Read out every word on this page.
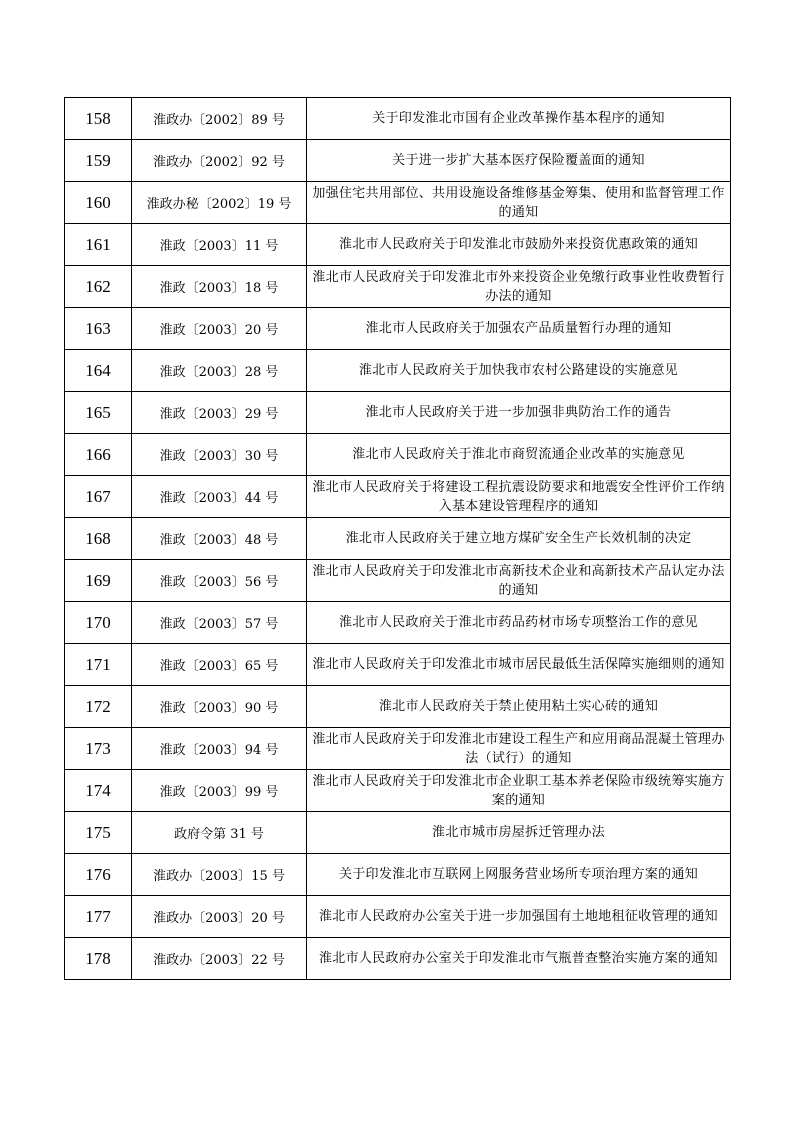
158	淮政办〔2002〕89 号	关于印发淮北市国有企业改革操作基本程序的通知
159	淮政办〔2002〕92 号	关于进一步扩大基本医疗保险覆盖面的通知
160	淮政办秘〔2002〕19 号	加强住宅共用部位、共用设施设备维修基金筹集、使用和监督管理工作的通知
161	淮政〔2003〕11 号	淮北市人民政府关于印发淮北市鼓励外来投资优惠政策的通知
162	淮政〔2003〕18 号	淮北市人民政府关于印发淮北市外来投资企业免缴行政事业性收费暂行办法的通知
163	淮政〔2003〕20 号	淮北市人民政府关于加强农产品质量暂行办理的通知
164	淮政〔2003〕28 号	淮北市人民政府关于加快我市农村公路建设的实施意见
165	淮政〔2003〕29 号	淮北市人民政府关于进一步加强非典防治工作的通告
166	淮政〔2003〕30 号	淮北市人民政府关于淮北市商贸流通企业改革的实施意见
167	淮政〔2003〕44 号	淮北市人民政府关于将建设工程抗震设防要求和地震安全性评价工作纳入基本建设管理程序的通知
168	淮政〔2003〕48 号	淮北市人民政府关于建立地方煤矿安全生产长效机制的决定
169	淮政〔2003〕56 号	淮北市人民政府关于印发淮北市高新技术企业和高新技术产品认定办法的通知
170	淮政〔2003〕57 号	淮北市人民政府关于淮北市药品药材市场专项整治工作的意见
171	淮政〔2003〕65 号	淮北市人民政府关于印发淮北市城市居民最低生活保障实施细则的通知
172	淮政〔2003〕90 号	淮北市人民政府关于禁止使用粘土实心砖的通知
173	淮政〔2003〕94 号	淮北市人民政府关于印发淮北市建设工程生产和应用商品混凝土管理办法（试行）的通知
174	淮政〔2003〕99 号	淮北市人民政府关于印发淮北市企业职工基本养老保险市级统筹实施方案的通知
175	政府令第 31 号	淮北市城市房屋拆迁管理办法
176	淮政办〔2003〕15 号	关于印发淮北市互联网上网服务营业场所专项治理方案的通知
177	淮政办〔2003〕20 号	淮北市人民政府办公室关于进一步加强国有土地地租征收管理的通知
178	淮政办〔2003〕22 号	淮北市人民政府办公室关于印发淮北市气瓶普查整治实施方案的通知
